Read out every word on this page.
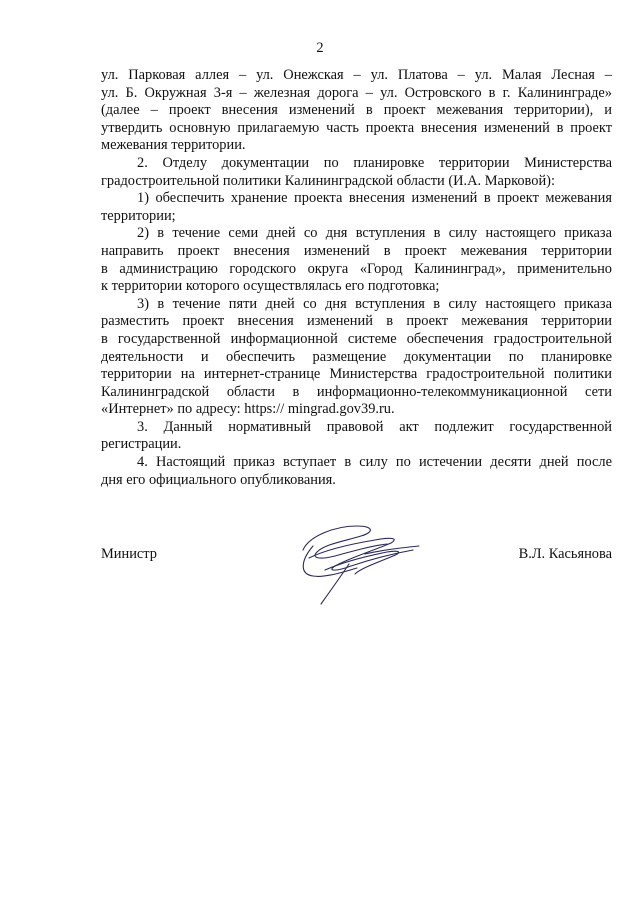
2
ул. Парковая аллея – ул. Онежская – ул. Платова – ул. Малая Лесная –
ул. Б. Окружная 3-я – железная дорога – ул. Островского в г. Калининграде»
(далее – проект внесения изменений в проект межевания территории), и
утвердить основную прилагаемую часть проекта внесения изменений в проект
межевания территории.
2. Отделу документации по планировке территории Министерства
градостроительной политики Калининградской области (И.А. Марковой):
1) обеспечить хранение проекта внесения изменений в проект межевания
территории;
2) в течение семи дней со дня вступления в силу настоящего приказа
направить проект внесения изменений в проект межевания территории
в администрацию городского округа «Город Калининград», применительно
к территории которого осуществлялась его подготовка;
3) в течение пяти дней со дня вступления в силу настоящего приказа
разместить проект внесения изменений в проект межевания территории
в государственной информационной системе обеспечения градостроительной
деятельности и обеспечить размещение документации по планировке
территории на интернет-странице Министерства градостроительной политики
Калининградской области в информационно-телекоммуникационной сети
«Интернет» по адресу: https:// mingrad.gov39.ru.
3. Данный нормативный правовой акт подлежит государственной
регистрации.
4. Настоящий приказ вступает в силу по истечении десяти дней после
дня его официального опубликования.
Министр	В.Л. Касьянова
